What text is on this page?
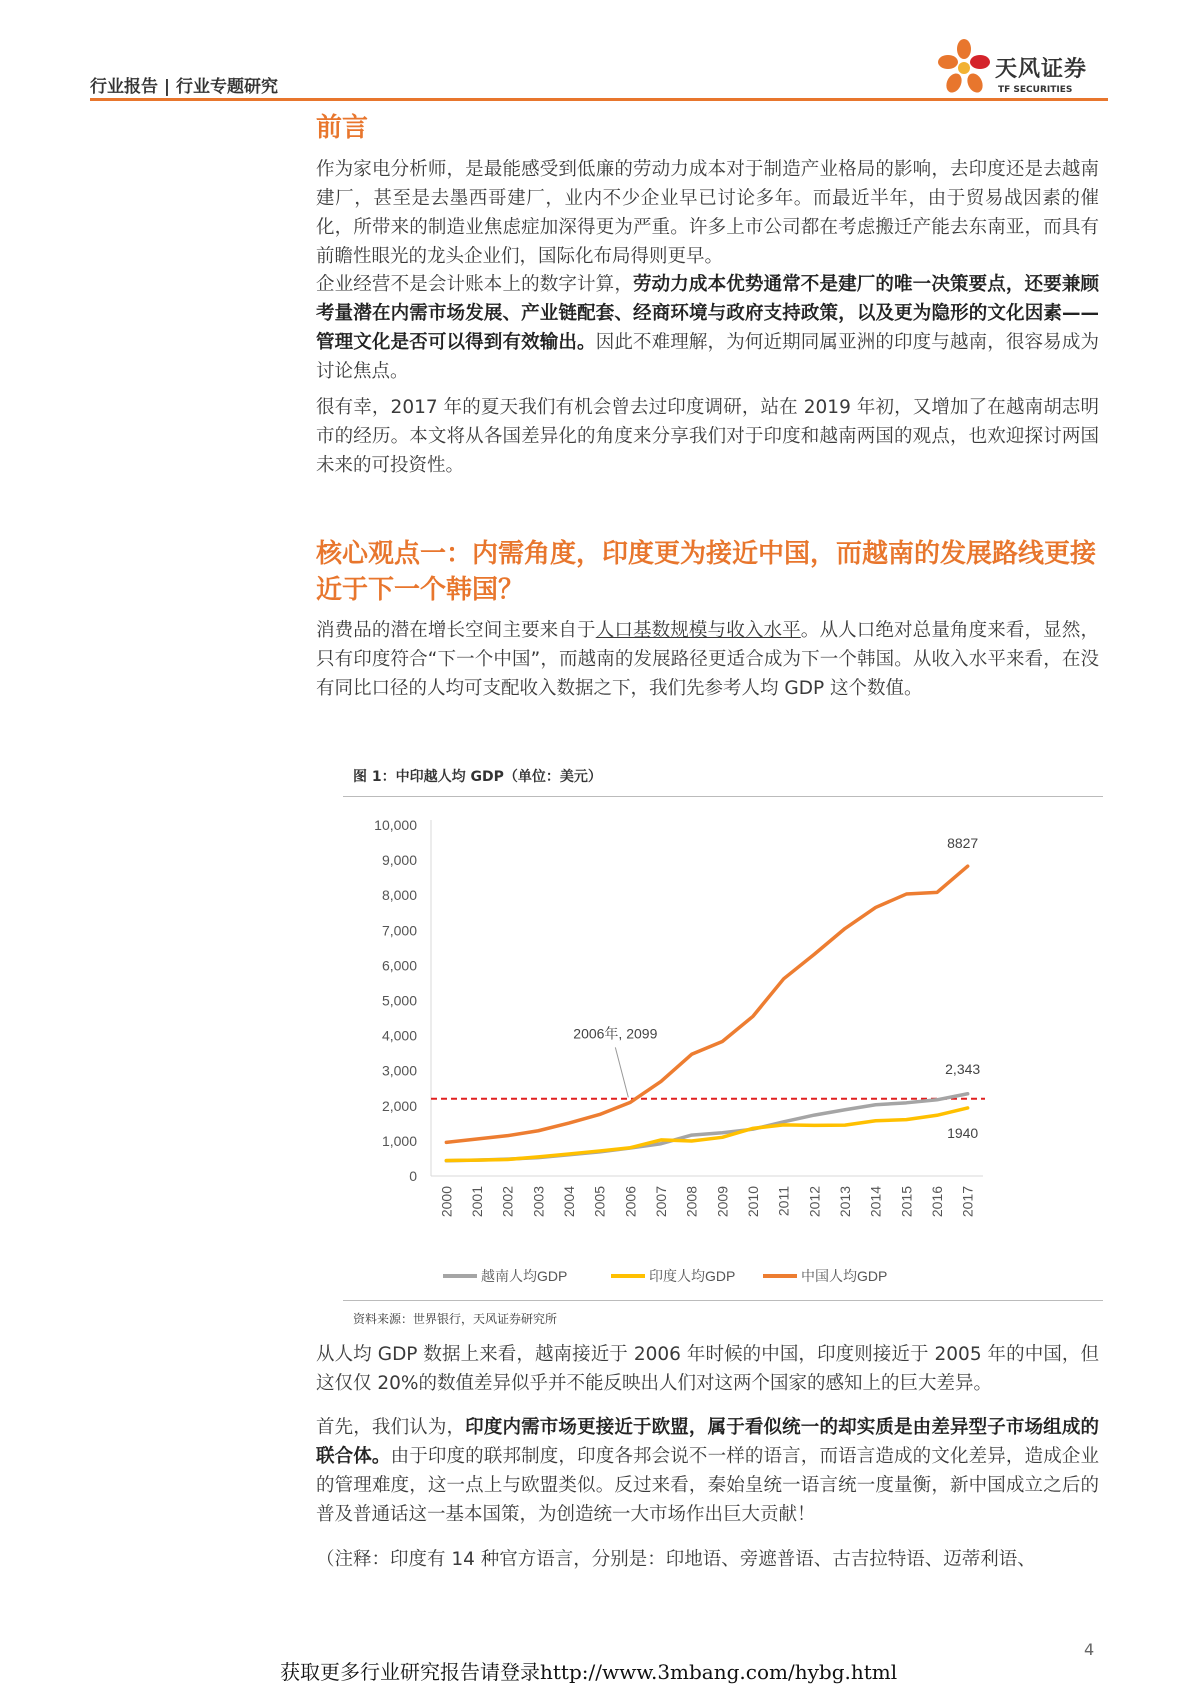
行业报告 | 行业专题研究
天风证券
TF SECURITIES
前言

作为家电分析师，是最能感受到低廉的劳动力成本对于制造产业格局的影响，去印度还是去越南建厂，甚至是去墨西哥建厂，业内不少企业早已讨论多年。而最近半年，由于贸易战因素的催化，所带来的制造业焦虑症加深得更为严重。许多上市公司都在考虑搬迁产能去东南亚，而具有前瞻性眼光的龙头企业们，国际化布局得则更早。

企业经营不是会计账本上的数字计算，劳动力成本优势通常不是建厂的唯一决策要点，还要兼顾考量潜在内需市场发展、产业链配套、经商环境与政府支持政策，以及更为隐形的文化因素——管理文化是否可以得到有效输出。因此不难理解，为何近期同属亚洲的印度与越南，很容易成为讨论焦点。

很有幸，2017 年的夏天我们有机会曾去过印度调研，站在 2019 年初，又增加了在越南胡志明市的经历。本文将从各国差异化的角度来分享我们对于印度和越南两国的观点，也欢迎探讨两国未来的可投资性。

核心观点一：内需角度，印度更为接近中国，而越南的发展路线更接近于下一个韩国？

消费品的潜在增长空间主要来自于人口基数规模与收入水平。从人口绝对总量角度来看，显然，只有印度符合“下一个中国”，而越南的发展路径更适合成为下一个韩国。从收入水平来看，在没有同比口径的人均可支配收入数据之下，我们先参考人均 GDP 这个数值。

图 1：中印越人均 GDP（单位：美元）
0
1,000
2,000
3,000
4,000
5,000
6,000
7,000
8,000
9,000
10,000
2000 2001 2002 2003 2004 2005 2006 2007 2008 2009 2010 2011 2012 2013 2014 2015 2016 2017
2006年, 2099
8827
2,343
1940
越南人均GDP	印度人均GDP	中国人均GDP
资料来源：世界银行，天风证券研究所

从人均 GDP 数据上来看，越南接近于 2006 年时候的中国，印度则接近于 2005 年的中国，但这仅仅 20%的数值差异似乎并不能反映出人们对这两个国家的感知上的巨大差异。

首先，我们认为，印度内需市场更接近于欧盟，属于看似统一的却实质是由差异型子市场组成的联合体。由于印度的联邦制度，印度各邦会说不一样的语言，而语言造成的文化差异，造成企业的管理难度，这一点上与欧盟类似。反过来看，秦始皇统一语言统一度量衡，新中国成立之后的普及普通话这一基本国策，为创造统一大市场作出巨大贡献！

（注释：印度有 14 种官方语言，分别是：印地语、旁遮普语、古吉拉特语、迈蒂利语、

4
获取更多行业研究报告请登录http://www.3mbang.com/hybg.html
